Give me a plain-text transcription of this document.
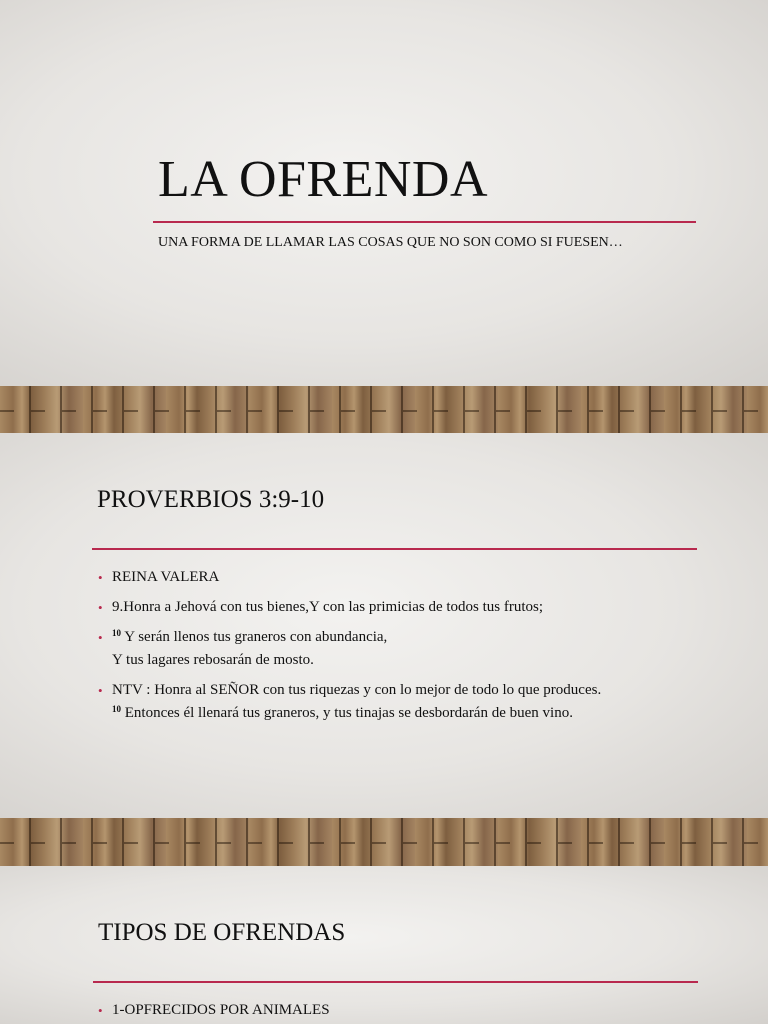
LA OFRENDA
UNA FORMA DE LLAMAR LAS COSAS QUE NO SON COMO SI FUESEN…
PROVERBIOS 3:9-10
• REINA VALERA
• 9.Honra a Jehová con tus bienes,Y con las primicias de todos tus frutos;
• $^{10}$ Y serán llenos tus graneros con abundancia,
Y tus lagares rebosarán de mosto.
• NTV : Honra al SEÑOR con tus riquezas y con lo mejor de todo lo que produces.
$^{10}$ Entonces él llenará tus graneros, y tus tinajas se desbordarán de buen vino.
TIPOS DE OFRENDAS
• 1-OPFRECIDOS POR ANIMALES
